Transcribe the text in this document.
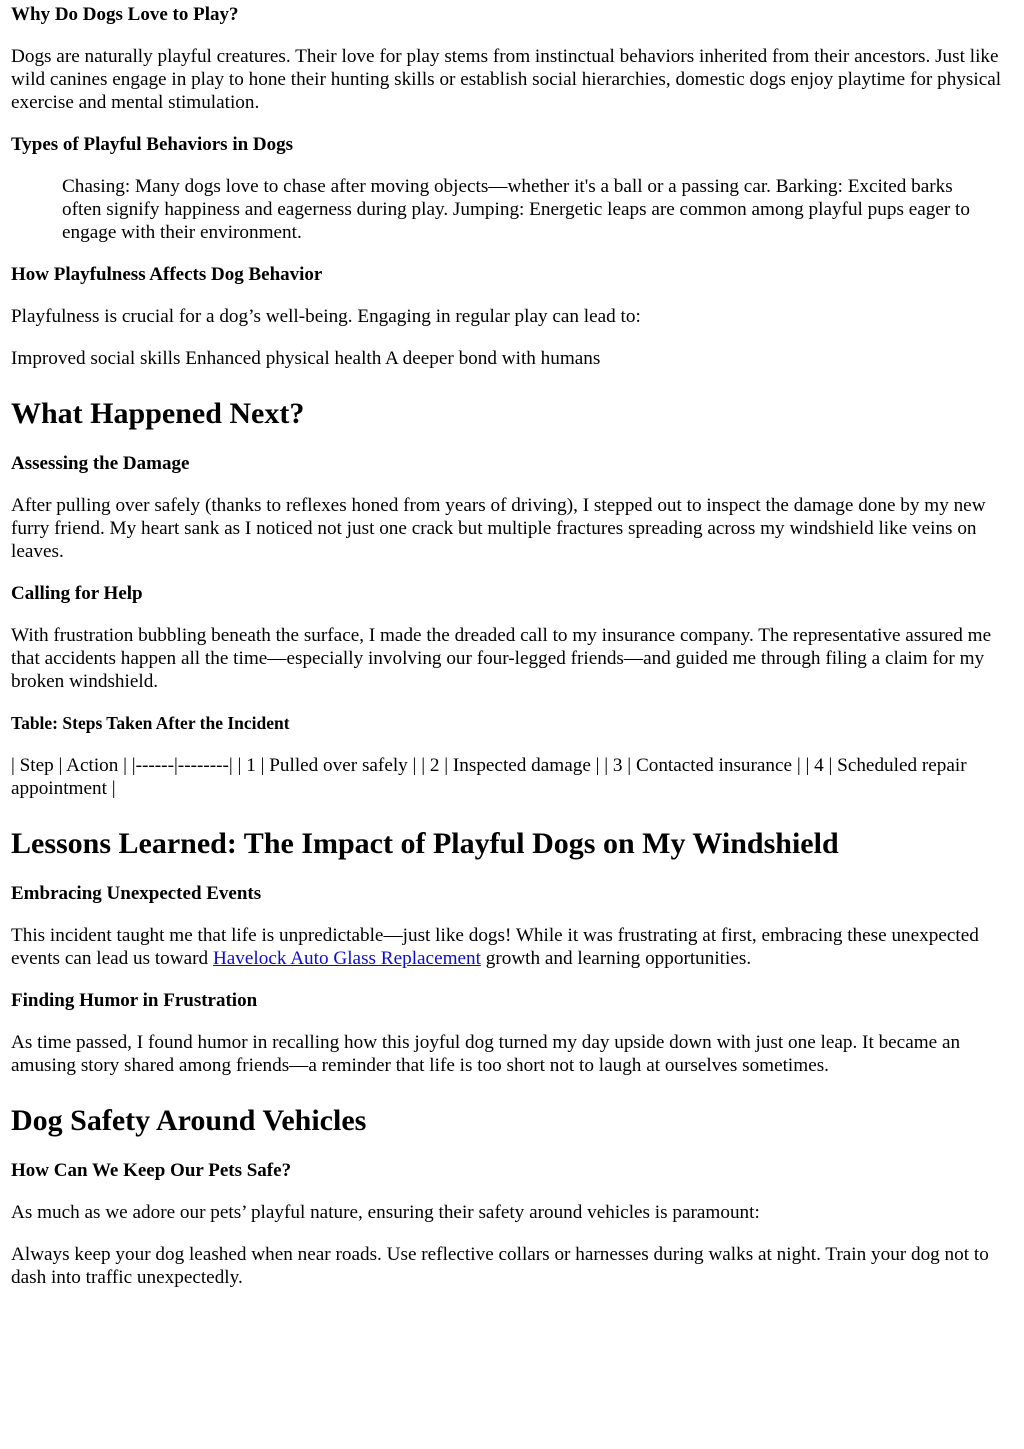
Why Do Dogs Love to Play?

Dogs are naturally playful creatures. Their love for play stems from instinctual behaviors inherited from their ancestors. Just like wild canines engage in play to hone their hunting skills or establish social hierarchies, domestic dogs enjoy playtime for physical exercise and mental stimulation.

Types of Playful Behaviors in Dogs
Chasing: Many dogs love to chase after moving objects—whether it's a ball or a passing car. Barking: Excited barks often signify happiness and eagerness during play. Jumping: Energetic leaps are common among playful pups eager to engage with their environment.
How Playfulness Affects Dog Behavior

Playfulness is crucial for a dog’s well-being. Engaging in regular play can lead to:

Improved social skills Enhanced physical health A deeper bond with humans

What Happened Next?
Assessing the Damage

After pulling over safely (thanks to reflexes honed from years of driving), I stepped out to inspect the damage done by my new furry friend. My heart sank as I noticed not just one crack but multiple fractures spreading across my windshield like veins on leaves.

Calling for Help

With frustration bubbling beneath the surface, I made the dreaded call to my insurance company. The representative assured me that accidents happen all the time—especially involving our four-legged friends—and guided me through filing a claim for my broken windshield.

Table: Steps Taken After the Incident

| Step | Action | |------|--------| | 1 | Pulled over safely | | 2 | Inspected damage | | 3 | Contacted insurance | | 4 | Scheduled repair appointment |

Lessons Learned: The Impact of Playful Dogs on My Windshield
Embracing Unexpected Events

This incident taught me that life is unpredictable—just like dogs! While it was frustrating at first, embracing these unexpected events can lead us toward Havelock Auto Glass Replacement growth and learning opportunities.

Finding Humor in Frustration

As time passed, I found humor in recalling how this joyful dog turned my day upside down with just one leap. It became an amusing story shared among friends—a reminder that life is too short not to laugh at ourselves sometimes.

Dog Safety Around Vehicles
How Can We Keep Our Pets Safe?

As much as we adore our pets’ playful nature, ensuring their safety around vehicles is paramount:

Always keep your dog leashed when near roads. Use reflective collars or harnesses during walks at night. Train your dog not to dash into traffic unexpectedly.
